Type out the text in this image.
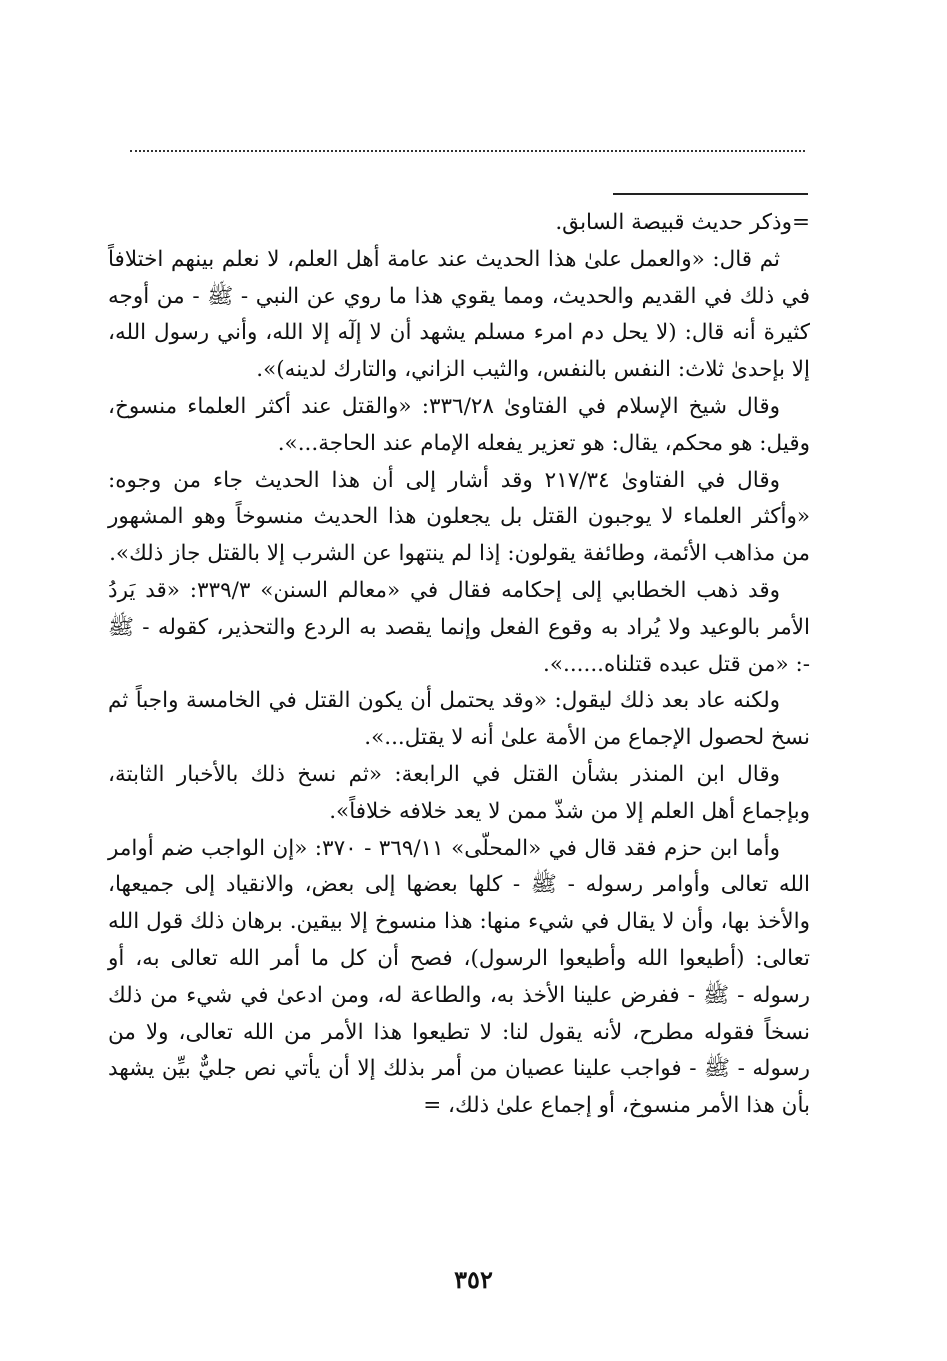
=وذكر حديث قبيصة السابق.

ثم قال: «والعمل علىٰ هذا الحديث عند عامة أهل العلم، لا نعلم بينهم اختلافاً في ذلك في القديم والحديث، ومما يقوي هذا ما روي عن النبي - ﷺ - من أوجه كثيرة أنه قال: (لا يحل دم امرء مسلم يشهد أن لا إلٓه إلا الله، وأني رسول الله، إلا بإحدىٰ ثلاث: النفس بالنفس، والثيب الزاني، والتارك لدينه)».

وقال شيخ الإسلام في الفتاوىٰ ٣٣٦/٢٨: «والقتل عند أكثر العلماء منسوخ، وقيل: هو محكم، يقال: هو تعزير يفعله الإمام عند الحاجة...».

وقال في الفتاوىٰ ٢١٧/٣٤ وقد أشار إلى أن هذا الحديث جاء من وجوه: «وأكثر العلماء لا يوجبون القتل بل يجعلون هذا الحديث منسوخاً وهو المشهور من مذاهب الأئمة، وطائفة يقولون: إذا لم ينتهوا عن الشرب إلا بالقتل جاز ذلك».

وقد ذهب الخطابي إلى إحكامه فقال في «معالم السنن» ٣٣٩/٣: «قد يَردُ الأمر بالوعيد ولا يُراد به وقوع الفعل وإنما يقصد به الردع والتحذير، كقوله - ﷺ -: «من قتل عبده قتلناه......».

ولكنه عاد بعد ذلك ليقول: «وقد يحتمل أن يكون القتل في الخامسة واجباً ثم نسخ لحصول الإجماع من الأمة علىٰ أنه لا يقتل...».

وقال ابن المنذر بشأن القتل في الرابعة: «ثم نسخ ذلك بالأخبار الثابتة، وبإجماع أهل العلم إلا من شذّ ممن لا يعد خلافه خلافاً».

وأما ابن حزم فقد قال في «المحلّى» ٣٦٩/١١ - ٣٧٠: «إن الواجب ضم أوامر الله تعالى وأوامر رسوله - ﷺ - كلها بعضها إلى بعض، والانقياد إلى جميعها، والأخذ بها، وأن لا يقال في شيء منها: هذا منسوخ إلا بيقين. برهان ذلك قول الله تعالى: (أطيعوا الله وأطيعوا الرسول)، فصح أن كل ما أمر الله تعالى به، أو رسوله - ﷺ - ففرض علينا الأخذ به، والطاعة له، ومن ادعىٰ في شيء من ذلك نسخاً فقوله مطرح، لأنه يقول لنا: لا تطيعوا هذا الأمر من الله تعالى، ولا من رسوله - ﷺ - فواجب علينا عصيان من أمر بذلك إلا أن يأتي نص جليٌّ بيِّن يشهد بأن هذا الأمر منسوخ، أو إجماع علىٰ ذلك، =

٣٥٢
